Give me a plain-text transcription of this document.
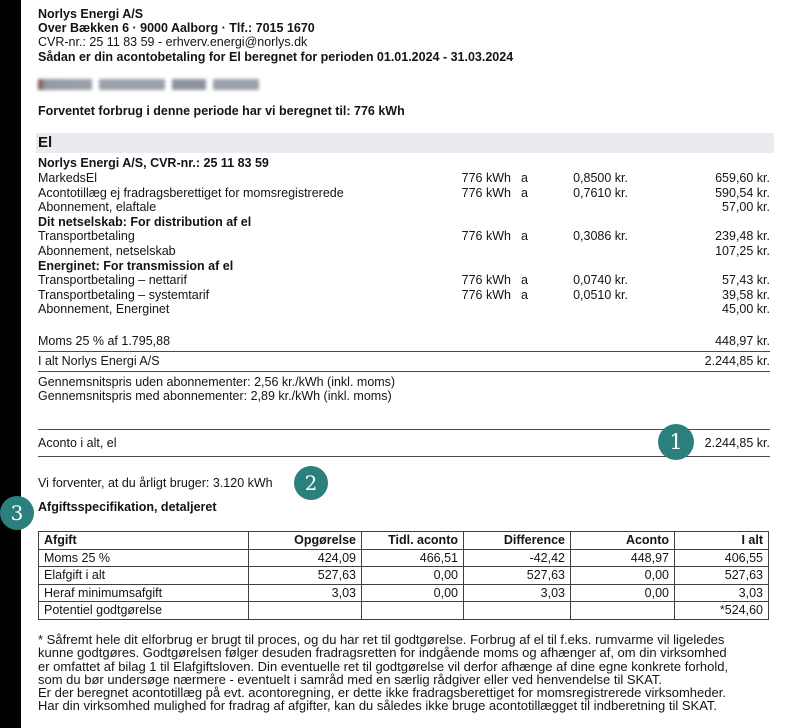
Norlys Energi A/S
Over Bækken 6 · 9000 Aalborg · Tlf.: 7015 1670
CVR-nr.: 25 11 83 59 - erhverv.energi@norlys.dk
Sådan er din acontobetaling for El beregnet for perioden 01.01.2024 - 31.03.2024
Forventet forbrug i denne periode har vi beregnet til: 776 kWh
El
Norlys Energi A/S, CVR-nr.: 25 11 83 59
MarkedsEl	776 kWh a	0,8500 kr.	659,60 kr.
Acontotillæg ej fradragsberettiget for momsregistrerede	776 kWh a	0,7610 kr.	590,54 kr.
Abonnement, elaftale	57,00 kr.
Dit netselskab: For distribution af el
Transportbetaling	776 kWh a	0,3086 kr.	239,48 kr.
Abonnement, netselskab	107,25 kr.
Energinet: For transmission af el
Transportbetaling – nettarif	776 kWh a	0,0740 kr.	57,43 kr.
Transportbetaling – systemtarif	776 kWh a	0,0510 kr.	39,58 kr.
Abonnement, Energinet	45,00 kr.
Moms 25 % af 1.795,88	448,97 kr.
I alt Norlys Energi A/S	2.244,85 kr.
Gennemsnitspris uden abonnementer: 2,56 kr./kWh (inkl. moms)
Gennemsnitspris med abonnementer: 2,89 kr./kWh (inkl. moms)
Aconto i alt, el	2.244,85 kr.
Vi forventer, at du årligt bruger: 3.120 kWh
Afgiftsspecifikation, detaljeret
Afgift	Opgørelse	Tidl. aconto	Difference	Aconto	I alt
Moms 25 %	424,09	466,51	-42,42	448,97	406,55
Elafgift i alt	527,63	0,00	527,63	0,00	527,63
Heraf minimumsafgift	3,03	0,00	3,03	0,00	3,03
Potentiel godtgørelse					*524,60
* Såfremt hele dit elforbrug er brugt til proces, og du har ret til godtgørelse. Forbrug af el til f.eks. rumvarme vil ligeledes
kunne godtgøres. Godtgørelsen følger desuden fradragsretten for indgående moms og afhænger af, om din virksomhed
er omfattet af bilag 1 til Elafgiftsloven. Din eventuelle ret til godtgørelse vil derfor afhænge af dine egne konkrete forhold,
som du bør undersøge nærmere - eventuelt i samråd med en særlig rådgiver eller ved henvendelse til SKAT.
Er der beregnet acontotillæg på evt. acontoregning, er dette ikke fradragsberettiget for momsregistrerede virksomheder.
Har din virksomhed mulighed for fradrag af afgifter, kan du således ikke bruge acontotillægget til indberetning til SKAT.
1
2
3
